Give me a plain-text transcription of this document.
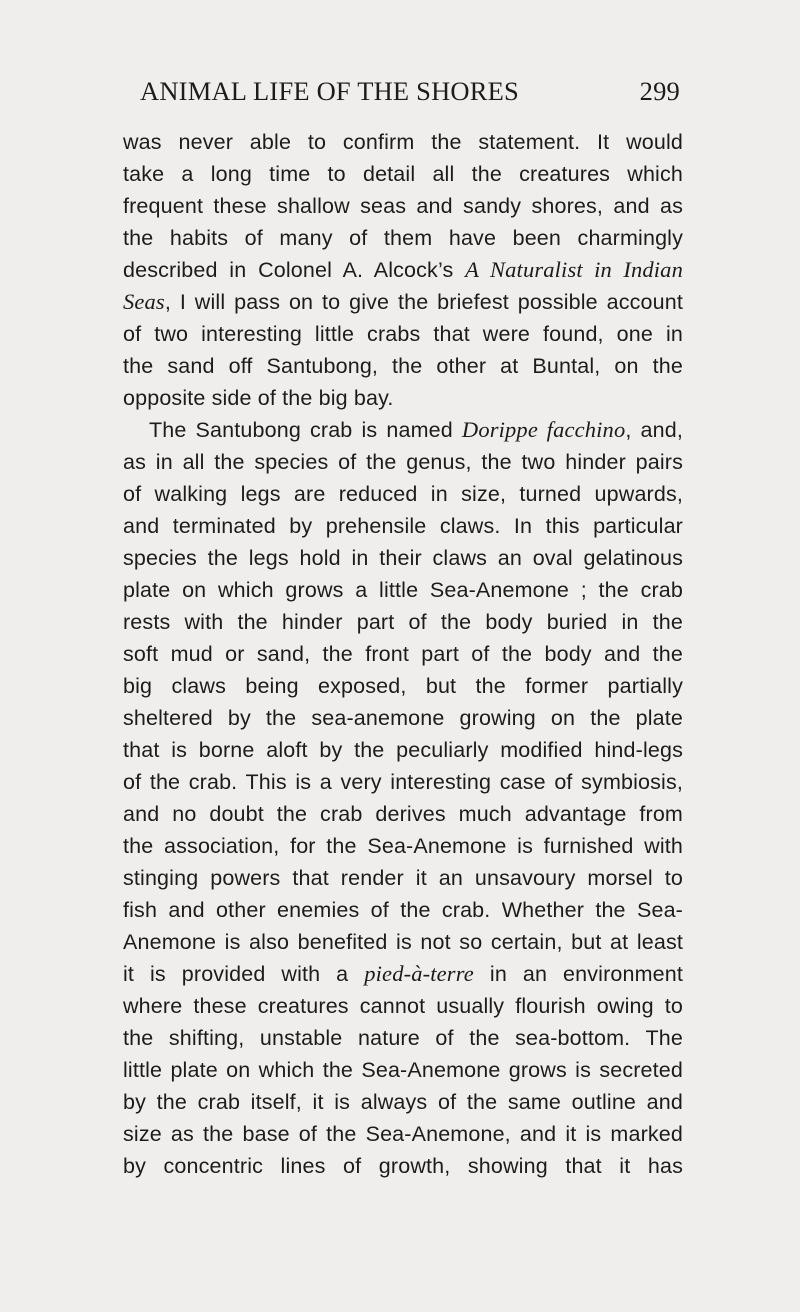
ANIMAL LIFE OF THE SHORES	299
was never able to confirm the statement. It would
take a long time to detail all the creatures which
frequent these shallow seas and sandy shores, and as
the habits of many of them have been charmingly
described in Colonel A. Alcock’s A Naturalist in Indian
Seas, I will pass on to give the briefest possible account
of two interesting little crabs that were found, one in
the sand off Santubong, the other at Buntal, on the
opposite side of the big bay.
The Santubong crab is named Dorippe facchino, and,
as in all the species of the genus, the two hinder pairs
of walking legs are reduced in size, turned upwards,
and terminated by prehensile claws. In this particular
species the legs hold in their claws an oval gelatinous
plate on which grows a little Sea-Anemone ; the crab
rests with the hinder part of the body buried in the
soft mud or sand, the front part of the body and the
big claws being exposed, but the former partially
sheltered by the sea-anemone growing on the plate
that is borne aloft by the peculiarly modified hind-legs
of the crab. This is a very interesting case of symbiosis,
and no doubt the crab derives much advantage from
the association, for the Sea-Anemone is furnished with
stinging powers that render it an unsavoury morsel to
fish and other enemies of the crab. Whether the Sea-
Anemone is also benefited is not so certain, but at least
it is provided with a pied-à-terre in an environment
where these creatures cannot usually flourish owing to
the shifting, unstable nature of the sea-bottom. The
little plate on which the Sea-Anemone grows is secreted
by the crab itself, it is always of the same outline and
size as the base of the Sea-Anemone, and it is marked
by concentric lines of growth, showing that it has
